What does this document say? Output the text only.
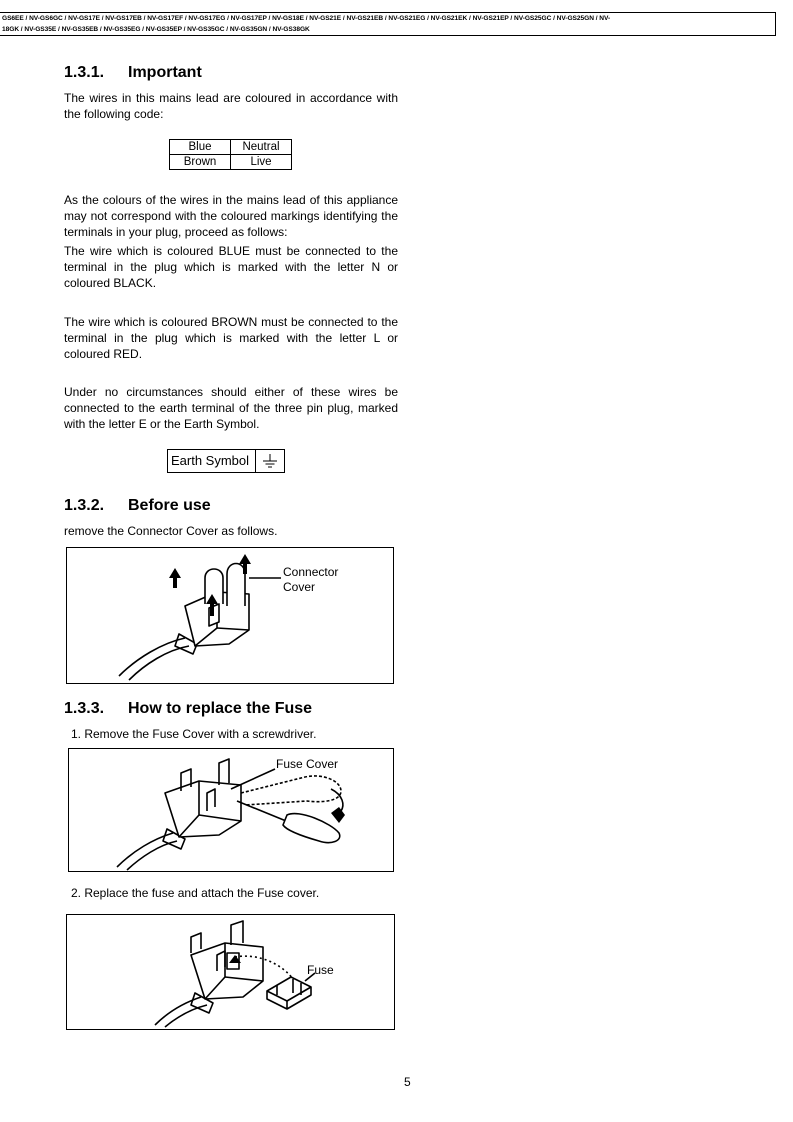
GS6EE / NV-GS6GC / NV-GS17E / NV-GS17EB / NV-GS17EF / NV-GS17EG / NV-GS17EP / NV-GS18E / NV-GS21E / NV-GS21EB / NV-GS21EG / NV-GS21EK / NV-GS21EP / NV-GS25GC / NV-GS25GN / NV-
18GK / NV-GS35E / NV-GS35EB / NV-GS35EG / NV-GS35EP / NV-GS35GC / NV-GS35GN / NV-GS38GK
1.3.1. Important

The wires in this mains lead are coloured in accordance with the following code:

Blue	Neutral
Brown	Live

As the colours of the wires in the mains lead of this appliance may not correspond with the coloured markings identifying the terminals in your plug, proceed as follows:

The wire which is coloured BLUE must be connected to the terminal in the plug which is marked with the letter N or coloured BLACK.

The wire which is coloured BROWN must be connected to the terminal in the plug which is marked with the letter L or coloured RED.

Under no circumstances should either of these wires be connected to the earth terminal of the three pin plug, marked with the letter E or the Earth Symbol.

Earth Symbol
1.3.2. Before use

remove the Connector Cover as follows.

Connector
Cover
1.3.3. How to replace the Fuse
1. Remove the Fuse Cover with a screwdriver.
Fuse Cover
2. Replace the fuse and attach the Fuse cover.
Fuse
5
